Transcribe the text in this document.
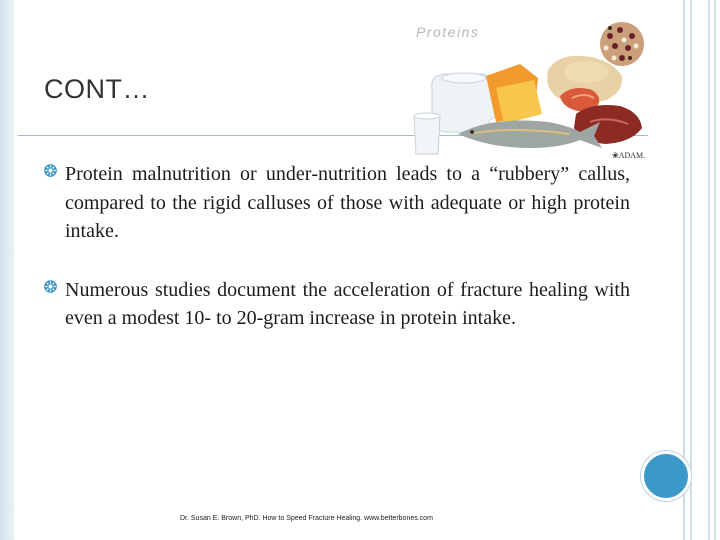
CONT…
Proteins
❀ADAM.
Protein malnutrition or under‐nutrition leads to a “rubbery” callus, compared to the rigid calluses of those with adequate or high protein intake.
Numerous studies document the acceleration of fracture healing with even a modest 10‐ to 20‐gram increase in protein intake.
Dr. Susan E. Brown, PhD. How to Speed Fracture Healing. www.betterbones.com
